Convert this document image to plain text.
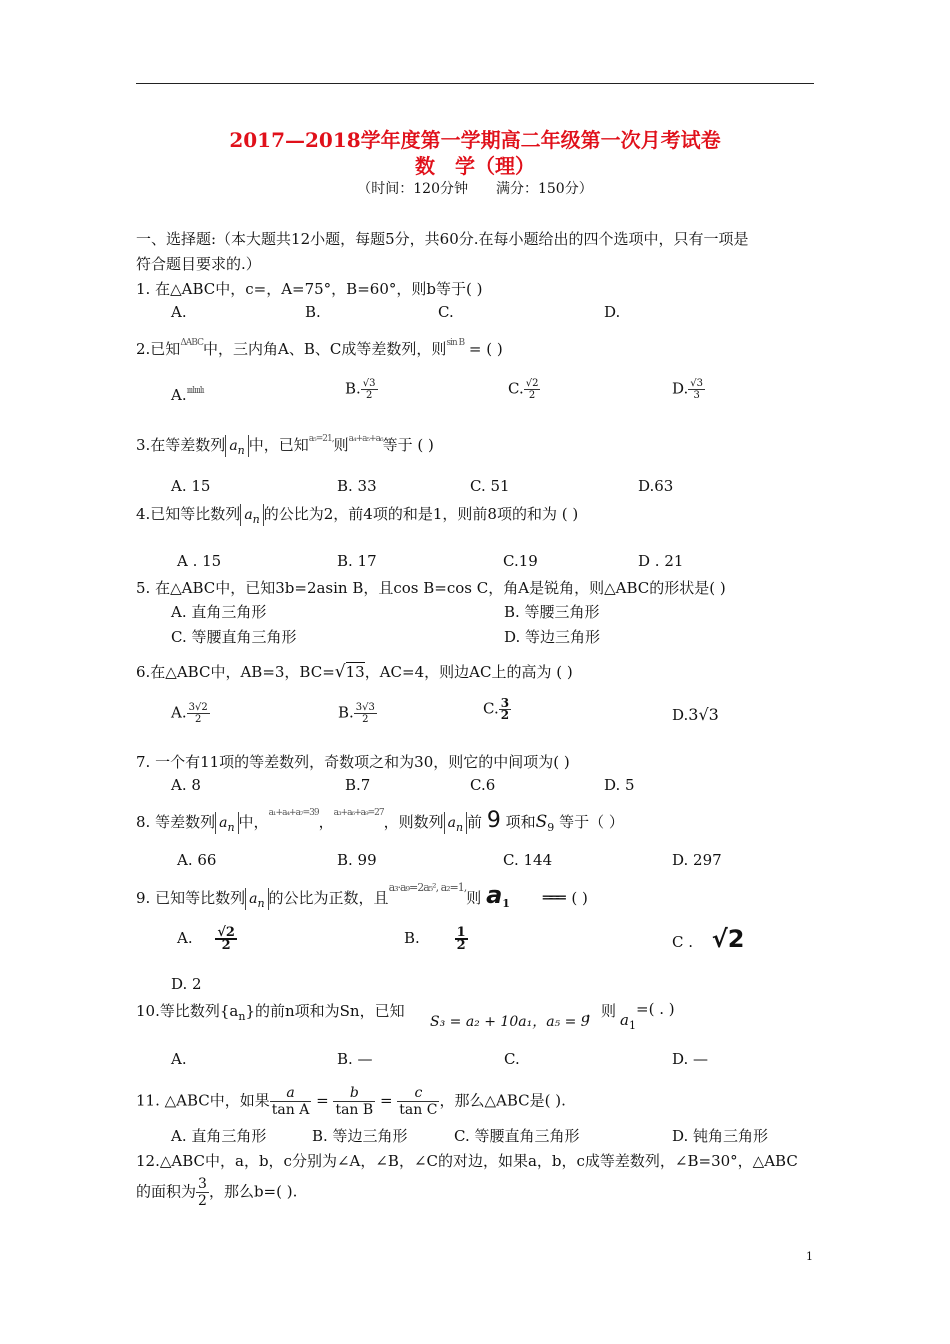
2017—2018学年度第一学期高二年级第一次月考试卷
数　学（理）
（时间：120分钟　　满分：150分）
一、选择题:（本大题共12小题，每题5分，共60分.在每小题给出的四个选项中，只有一项是
符合题目要求的.）
1. 在△ABC中，c=，A=75°，B=60°，则b等于( )
A.	B.	C.	D.
2.已知ΔABC中，三内角A、B、C成等差数列，则sin B = ( )
A.ııılııılı	B. $\frac{√3}{2}$	C. $\frac{√2}{2}$	D. $\frac{√3}{3}$
3.在等差数列 $a_n$ 中，已知a₅=21,则a₄+a₅+a₆等于 ( )
A. 15	B. 33	C. 51	D.63
4.已知等比数列 $a_n$ 的公比为2，前4项的和是1，则前8项的和为 ( )
A . 15	B. 17	C.19	D . 21
5. 在△ABC中，已知3b=2asin B，且cos B=cos C，角A是锐角，则△ABC的形状是( )
A. 直角三角形	B. 等腰三角形
C. 等腰直角三角形	D. 等边三角形
6.在△ABC中，AB=3，BC=√13，AC=4，则边AC上的高为 ( )
A. $\frac{3√2}{2}$	B. $\frac{3√3}{2}$	C. $\frac{3}{2}$	D.3√3
7. 一个有11项的等差数列，奇数项之和为30，则它的中间项为( )
A. 8	B.7	C.6	D. 5
8. 等差数列 $a_n$ 中，a₁+a₄+a₇=39，a₃+a₆+a₉=27，则数列 $a_n$ 前 9 项和$S_9$ 等于（ ）
A. 66	B. 99	C. 144	D. 297
9. 已知等比数列 $a_n$ 的公比为正数，且a₃·a₉=2a₅², a₂=1,则 $a_1$ ═══ ( )
A. $\frac{√2}{2}$	B.	$\frac{1}{2}$	C . √2
D. 2
10.等比数列$\{a_n\}$的前n项和为Sn，已知
S₃ = a₂ + 10a₁，a₅ = 9
，则 $a_1$
=( . )
A.	B. —	C.	D. —
11. △ABC中，如果 $\frac{a}{\text{tan A}} = \frac{b}{\text{tan B}} = \frac{c}{\text{tan C}}$ ，那么△ABC是( ).
A. 直角三角形	B. 等边三角形	C. 等腰直角三角形	D. 钝角三角形
12.△ABC中，a，b，c分别为∠A，∠B，∠C的对边，如果a，b，c成等差数列，∠B=30°，△ABC
的面积为 $\frac{3}{2}$ ，那么b=( ).
1
